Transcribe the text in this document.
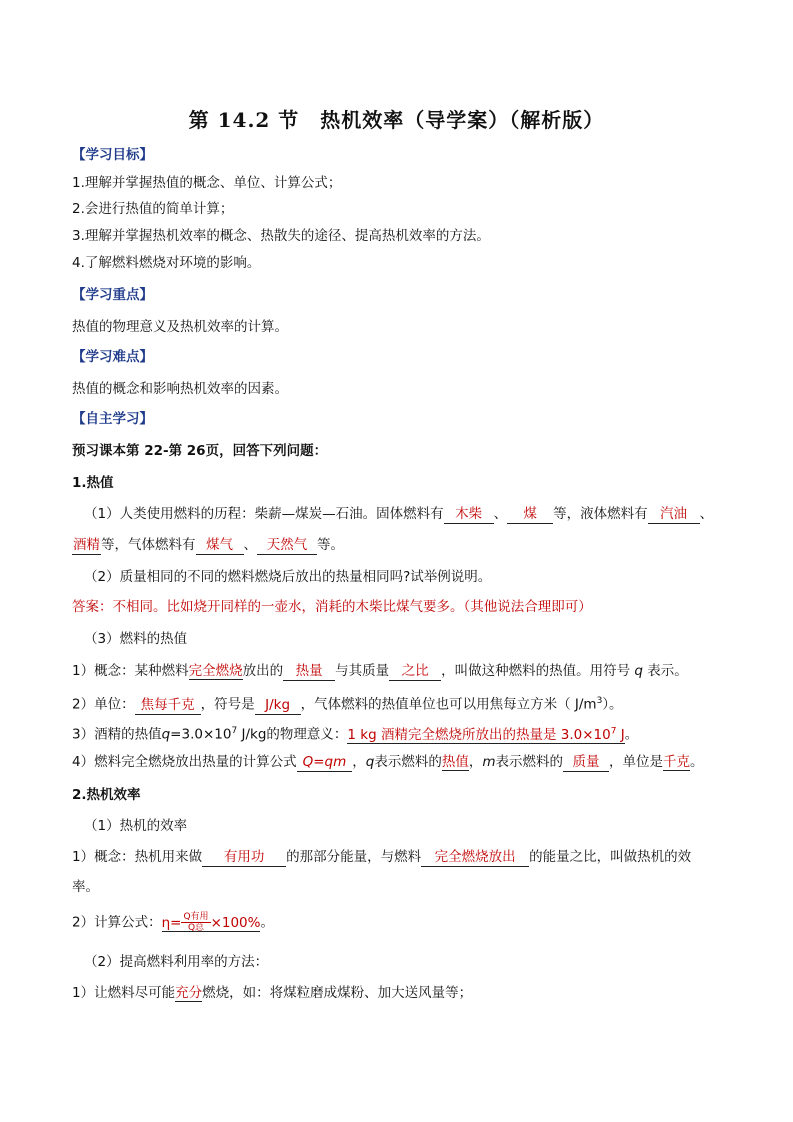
第 14.2 节　热机效率（导学案）（解析版）
【学习目标】
1.理解并掌握热值的概念、单位、计算公式；
2.会进行热值的简单计算；
3.理解并掌握热机效率的概念、热散失的途径、提高热机效率的方法。
4.了解燃料燃烧对环境的影响。
【学习重点】
热值的物理意义及热机效率的计算。
【学习难点】
热值的概念和影响热机效率的因素。
【自主学习】
预习课本第 22-第 26页，回答下列问题：
1.热值
（1）人类使用燃料的历程：柴薪—煤炭—石油。固体燃料有 木柴 、 煤 等，液体燃料有 汽油 、
酒精等，气体燃料有 煤气 、 天然气 等。
（2）质量相同的不同的燃料燃烧后放出的热量相同吗?试举例说明。
答案：不相同。比如烧开同样的一壶水，消耗的木柴比煤气要多。（其他说法合理即可）
（3）燃料的热值
1）概念：某种燃料完全燃烧放出的 热量 与其质量 之比 ，叫做这种燃料的热值。用符号 q 表示。
2）单位： 焦每千克 ，符号是 J/kg ，气体燃料的热值单位也可以用焦每立方米（ $J/m^3$）。
3）酒精的热值$q=3.0\times 10^7$ J/kg的物理意义：1 kg 酒精完全燃烧所放出的热量是 $3.0\times 10^7$ J。
4）燃料完全燃烧放出热量的计算公式 Q=qm ，q表示燃料的热值，m表示燃料的 质量 ，单位是千克。
2.热机效率
（1）热机的效率
1）概念：热机用来做 有用功 的那部分能量，与燃料 完全燃烧放出 的能量之比，叫做热机的效
率。
2）计算公式：$\eta= \frac{\text{Q有用}}{\text{Q总}} \times 100\%$。
（2）提高燃料利用率的方法：
1）让燃料尽可能充分燃烧，如：将煤粒磨成煤粉、加大送风量等；
